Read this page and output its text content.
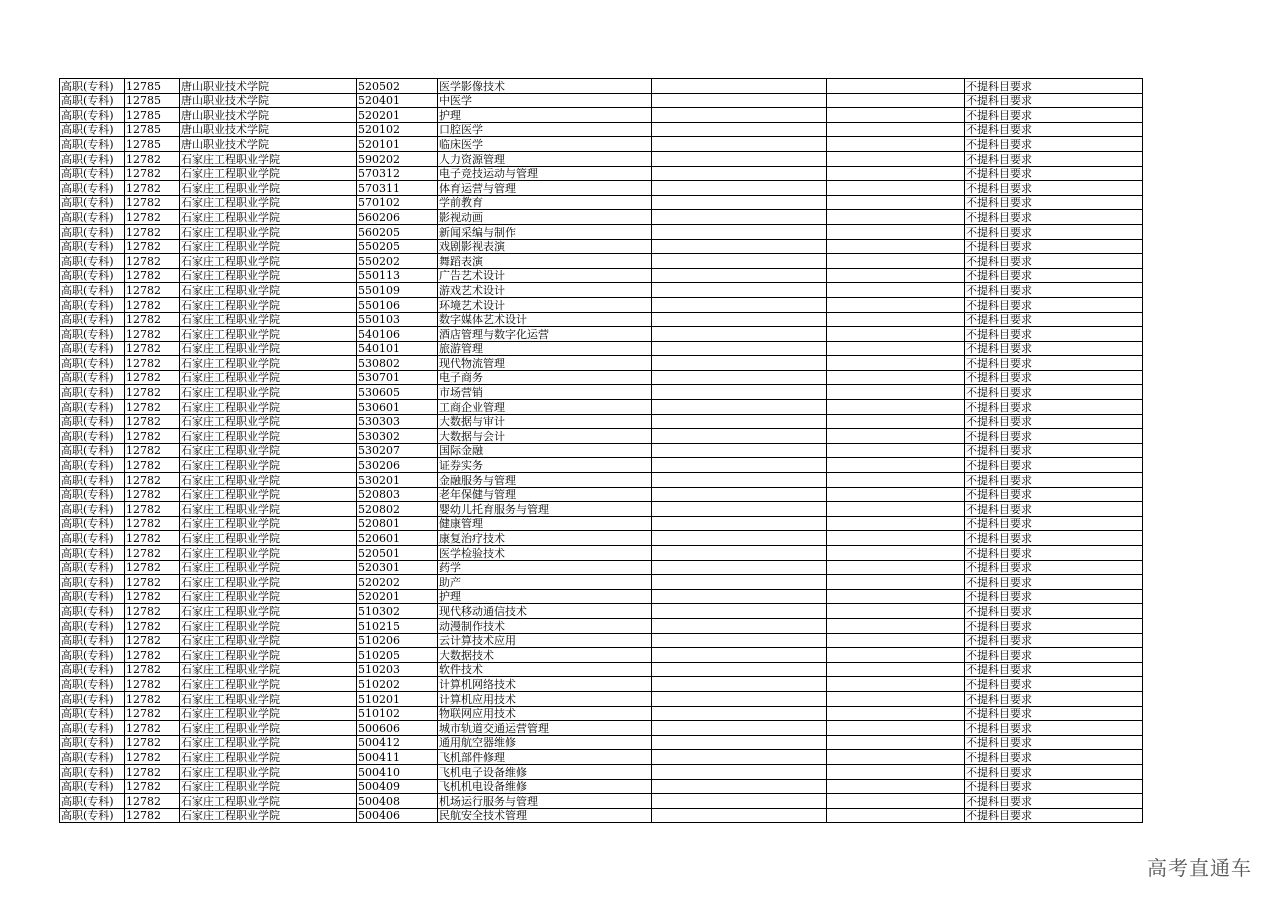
高职(专科)	12785	唐山职业技术学院	520502	医学影像技术			不提科目要求
高职(专科)	12785	唐山职业技术学院	520401	中医学			不提科目要求
高职(专科)	12785	唐山职业技术学院	520201	护理			不提科目要求
高职(专科)	12785	唐山职业技术学院	520102	口腔医学			不提科目要求
高职(专科)	12785	唐山职业技术学院	520101	临床医学			不提科目要求
高职(专科)	12782	石家庄工程职业学院	590202	人力资源管理			不提科目要求
高职(专科)	12782	石家庄工程职业学院	570312	电子竞技运动与管理			不提科目要求
高职(专科)	12782	石家庄工程职业学院	570311	体育运营与管理			不提科目要求
高职(专科)	12782	石家庄工程职业学院	570102	学前教育			不提科目要求
高职(专科)	12782	石家庄工程职业学院	560206	影视动画			不提科目要求
高职(专科)	12782	石家庄工程职业学院	560205	新闻采编与制作			不提科目要求
高职(专科)	12782	石家庄工程职业学院	550205	戏剧影视表演			不提科目要求
高职(专科)	12782	石家庄工程职业学院	550202	舞蹈表演			不提科目要求
高职(专科)	12782	石家庄工程职业学院	550113	广告艺术设计			不提科目要求
高职(专科)	12782	石家庄工程职业学院	550109	游戏艺术设计			不提科目要求
高职(专科)	12782	石家庄工程职业学院	550106	环境艺术设计			不提科目要求
高职(专科)	12782	石家庄工程职业学院	550103	数字媒体艺术设计			不提科目要求
高职(专科)	12782	石家庄工程职业学院	540106	酒店管理与数字化运营			不提科目要求
高职(专科)	12782	石家庄工程职业学院	540101	旅游管理			不提科目要求
高职(专科)	12782	石家庄工程职业学院	530802	现代物流管理			不提科目要求
高职(专科)	12782	石家庄工程职业学院	530701	电子商务			不提科目要求
高职(专科)	12782	石家庄工程职业学院	530605	市场营销			不提科目要求
高职(专科)	12782	石家庄工程职业学院	530601	工商企业管理			不提科目要求
高职(专科)	12782	石家庄工程职业学院	530303	大数据与审计			不提科目要求
高职(专科)	12782	石家庄工程职业学院	530302	大数据与会计			不提科目要求
高职(专科)	12782	石家庄工程职业学院	530207	国际金融			不提科目要求
高职(专科)	12782	石家庄工程职业学院	530206	证券实务			不提科目要求
高职(专科)	12782	石家庄工程职业学院	530201	金融服务与管理			不提科目要求
高职(专科)	12782	石家庄工程职业学院	520803	老年保健与管理			不提科目要求
高职(专科)	12782	石家庄工程职业学院	520802	婴幼儿托育服务与管理			不提科目要求
高职(专科)	12782	石家庄工程职业学院	520801	健康管理			不提科目要求
高职(专科)	12782	石家庄工程职业学院	520601	康复治疗技术			不提科目要求
高职(专科)	12782	石家庄工程职业学院	520501	医学检验技术			不提科目要求
高职(专科)	12782	石家庄工程职业学院	520301	药学			不提科目要求
高职(专科)	12782	石家庄工程职业学院	520202	助产			不提科目要求
高职(专科)	12782	石家庄工程职业学院	520201	护理			不提科目要求
高职(专科)	12782	石家庄工程职业学院	510302	现代移动通信技术			不提科目要求
高职(专科)	12782	石家庄工程职业学院	510215	动漫制作技术			不提科目要求
高职(专科)	12782	石家庄工程职业学院	510206	云计算技术应用			不提科目要求
高职(专科)	12782	石家庄工程职业学院	510205	大数据技术			不提科目要求
高职(专科)	12782	石家庄工程职业学院	510203	软件技术			不提科目要求
高职(专科)	12782	石家庄工程职业学院	510202	计算机网络技术			不提科目要求
高职(专科)	12782	石家庄工程职业学院	510201	计算机应用技术			不提科目要求
高职(专科)	12782	石家庄工程职业学院	510102	物联网应用技术			不提科目要求
高职(专科)	12782	石家庄工程职业学院	500606	城市轨道交通运营管理			不提科目要求
高职(专科)	12782	石家庄工程职业学院	500412	通用航空器维修			不提科目要求
高职(专科)	12782	石家庄工程职业学院	500411	飞机部件修理			不提科目要求
高职(专科)	12782	石家庄工程职业学院	500410	飞机电子设备维修			不提科目要求
高职(专科)	12782	石家庄工程职业学院	500409	飞机机电设备维修			不提科目要求
高职(专科)	12782	石家庄工程职业学院	500408	机场运行服务与管理			不提科目要求
高职(专科)	12782	石家庄工程职业学院	500406	民航安全技术管理			不提科目要求
高考直通车
